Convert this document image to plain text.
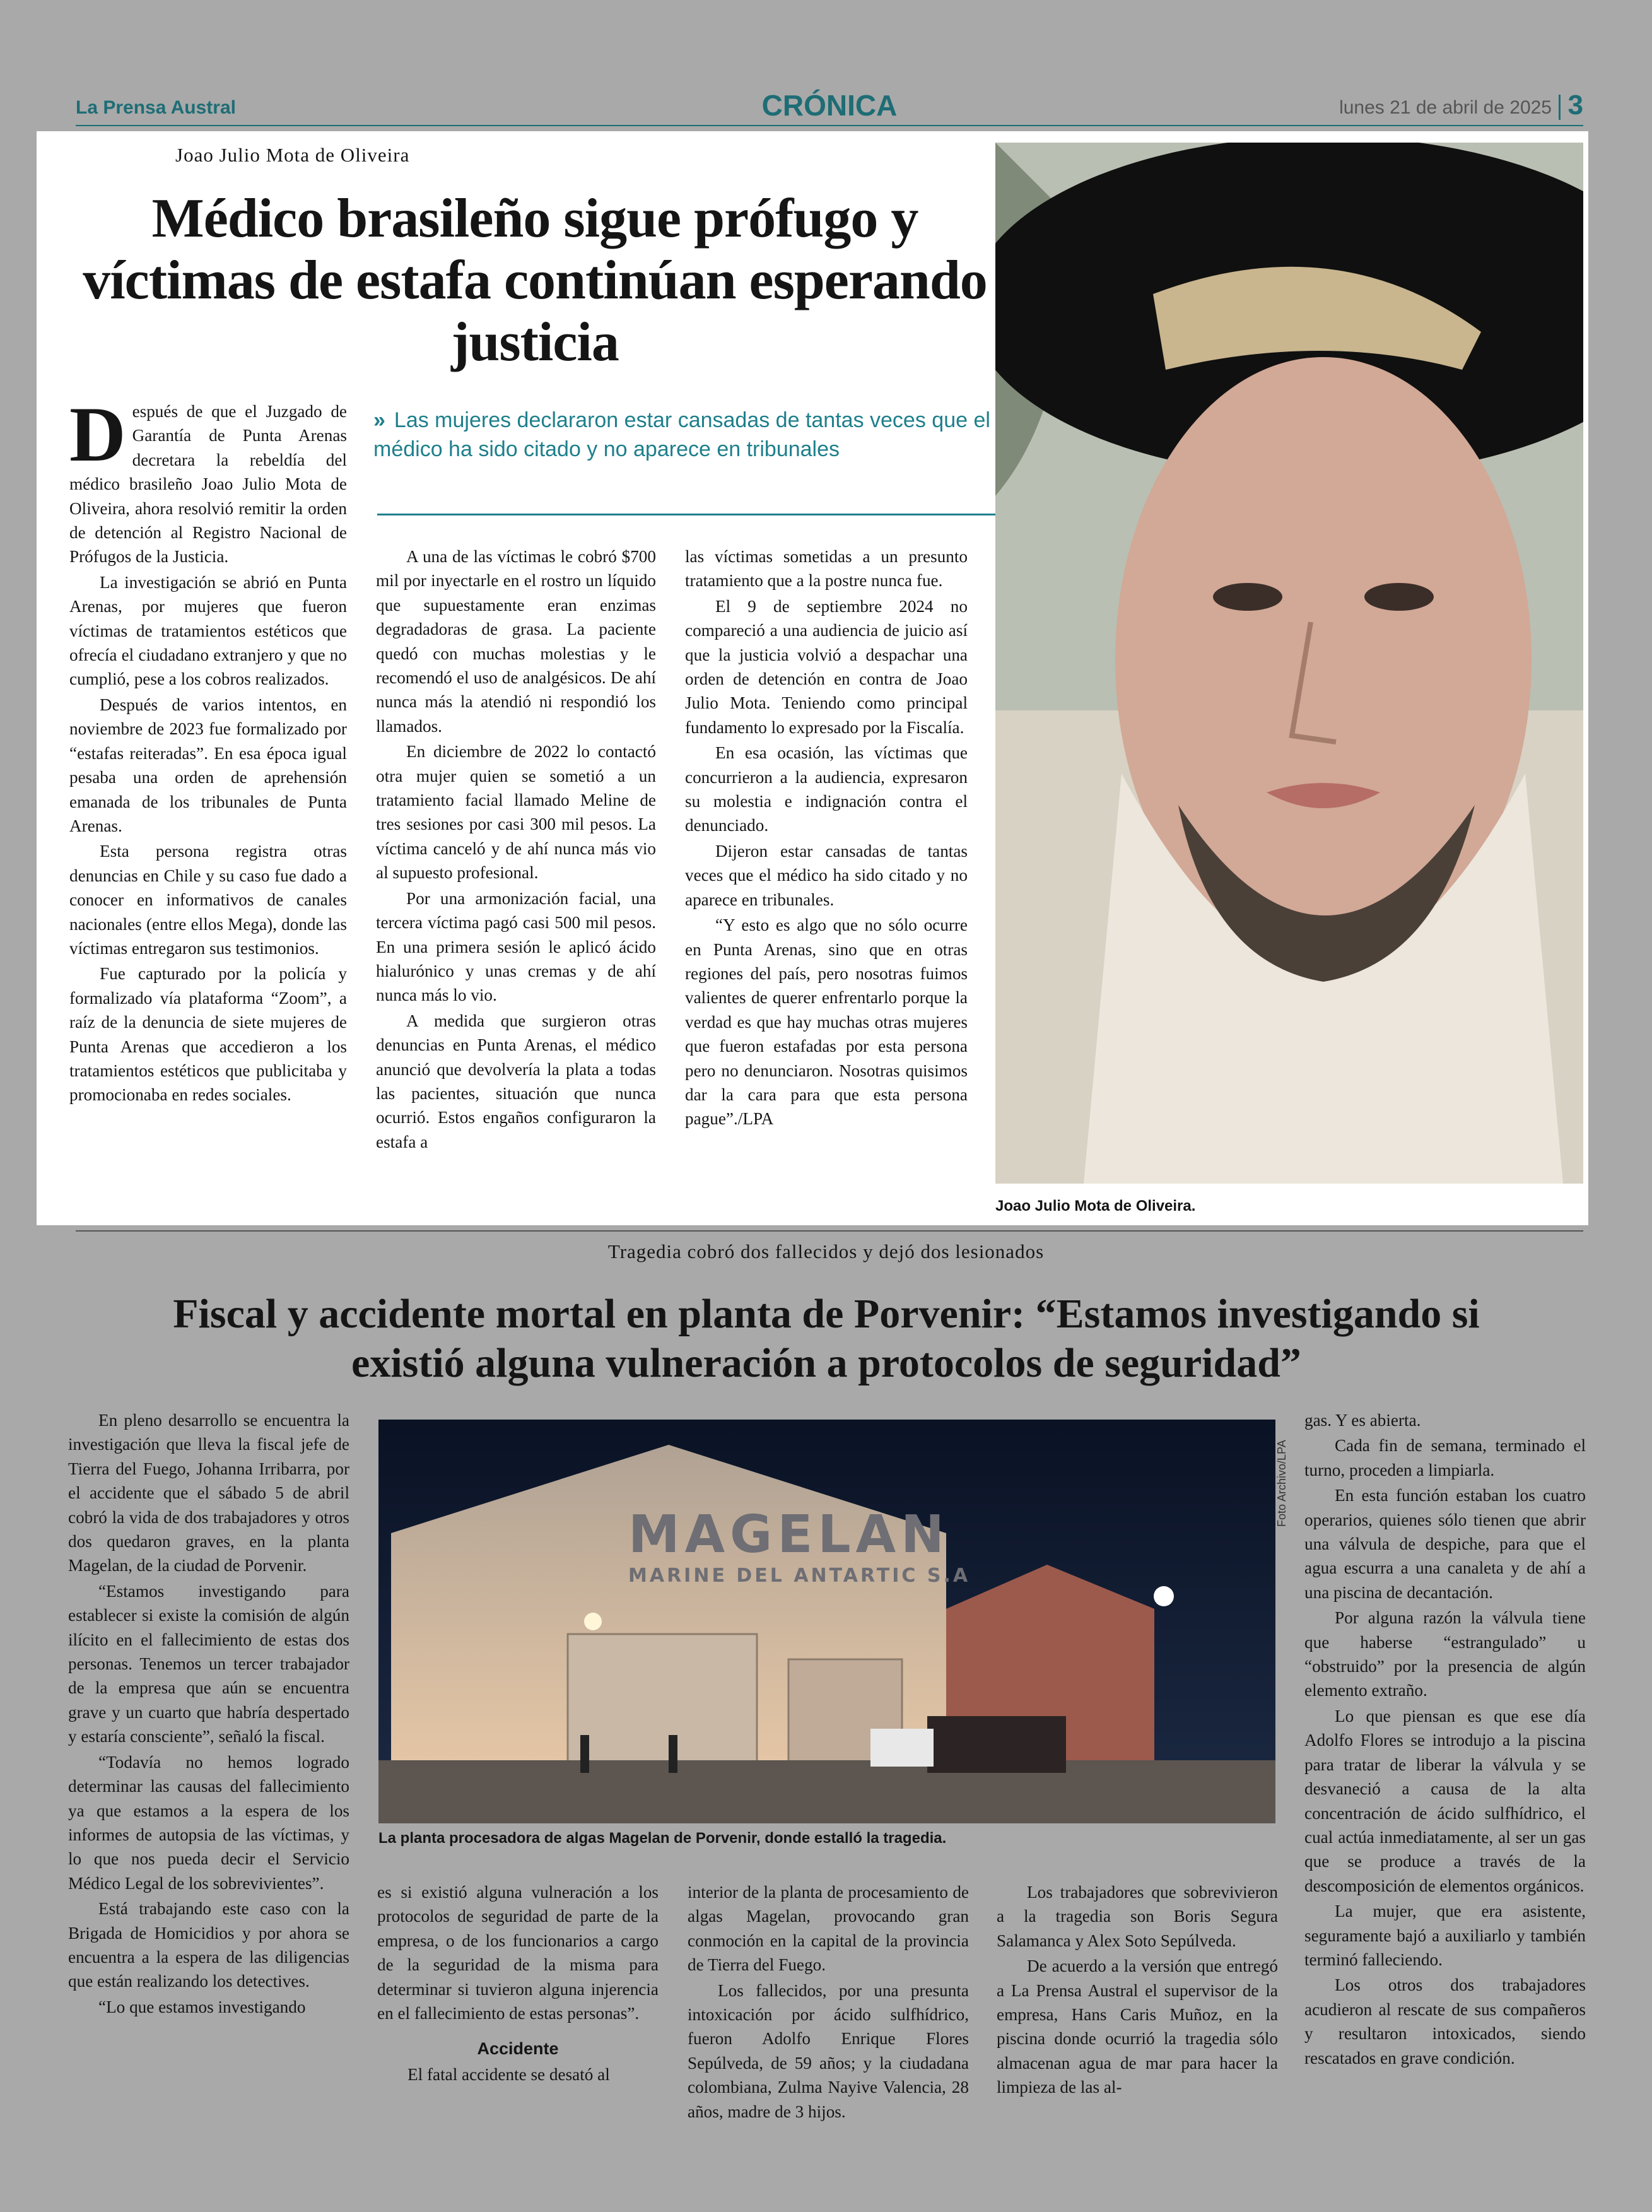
La Prensa Austral	CRÓNICA	lunes 21 de abril de 2025 3
Joao Julio Mota de Oliveira
Médico brasileño sigue prófugo y víctimas de estafa continúan esperando justicia
» Las mujeres declararon estar cansadas de tantas veces que el médico ha sido citado y no aparece en tribunales

Después de que el Juzgado de Garantía de Punta Arenas decretara la rebeldía del médico brasileño Joao Julio Mota de Oliveira, ahora resolvió remitir la orden de detención al Registro Nacional de Prófugos de la Justicia.

La investigación se abrió en Punta Arenas, por mujeres que fueron víctimas de tratamientos estéticos que ofrecía el ciudadano extranjero y que no cumplió, pese a los cobros realizados.

Después de varios intentos, en noviembre de 2023 fue formalizado por “estafas reiteradas”. En esa época igual pesaba una orden de aprehensión emanada de los tribunales de Punta Arenas.

Esta persona registra otras denuncias en Chile y su caso fue dado a conocer en informativos de canales nacionales (entre ellos Mega), donde las víctimas entregaron sus testimonios.

Fue capturado por la policía y formalizado vía plataforma “Zoom”, a raíz de la denuncia de siete mujeres de Punta Arenas que accedieron a los tratamientos estéticos que publicitaba y promocionaba en redes sociales.

A una de las víctimas le cobró $700 mil por inyectarle en el rostro un líquido que supuestamente eran enzimas degradadoras de grasa. La paciente quedó con muchas molestias y le recomendó el uso de analgésicos. De ahí nunca más la atendió ni respondió los llamados.

En diciembre de 2022 lo contactó otra mujer quien se sometió a un tratamiento facial llamado Meline de tres sesiones por casi 300 mil pesos. La víctima canceló y de ahí nunca más vio al supuesto profesional.

Por una armonización facial, una tercera víctima pagó casi 500 mil pesos. En una primera sesión le aplicó ácido hialurónico y unas cremas y de ahí nunca más lo vio.

A medida que surgieron otras denuncias en Punta Arenas, el médico anunció que devolvería la plata a todas las pacientes, situación que nunca ocurrió. Estos engaños configuraron la estafa a

las víctimas sometidas a un presunto tratamiento que a la postre nunca fue.

El 9 de septiembre 2024 no compareció a una audiencia de juicio así que la justicia volvió a despachar una orden de detención en contra de Joao Julio Mota. Teniendo como principal fundamento lo expresado por la Fiscalía.

En esa ocasión, las víctimas que concurrieron a la audiencia, expresaron su molestia e indignación contra el denunciado.

Dijeron estar cansadas de tantas veces que el médico ha sido citado y no aparece en tribunales.

“Y esto es algo que no sólo ocurre en Punta Arenas, sino que en otras regiones del país, pero nosotras fuimos valientes de querer enfrentarlo porque la verdad es que hay muchas otras mujeres que fueron estafadas por esta persona pero no denunciaron. Nosotras quisimos dar la cara para que esta persona pague”./LPA

Joao Julio Mota de Oliveira.
Tragedia cobró dos fallecidos y dejó dos lesionados
Fiscal y accidente mortal en planta de Porvenir: “Estamos investigando si existió alguna vulneración a protocolos de seguridad”

En pleno desarrollo se encuentra la investigación que lleva la fiscal jefe de Tierra del Fuego, Johanna Irribarra, por el accidente que el sábado 5 de abril cobró la vida de dos trabajadores y otros dos quedaron graves, en la planta Magelan, de la ciudad de Porvenir.

“Estamos investigando para establecer si existe la comisión de algún ilícito en el fallecimiento de estas dos personas. Tenemos un tercer trabajador de la empresa que aún se encuentra grave y un cuarto que habría despertado y estaría consciente”, señaló la fiscal.

“Todavía no hemos logrado determinar las causas del fallecimiento ya que estamos a la espera de los informes de autopsia de las víctimas, y lo que nos pueda decir el Servicio Médico Legal de los sobrevivientes”.

Está trabajando este caso con la Brigada de Homicidios y por ahora se encuentra a la espera de las diligencias que están realizando los detectives.

“Lo que estamos investigando

MAGELAN
MARINE DEL ANTARTIC S.A
Foto Archivo/LPA
La planta procesadora de algas Magelan de Porvenir, donde estalló la tragedia.

es si existió alguna vulneración a los protocolos de seguridad de parte de la empresa, o de los funcionarios a cargo de la seguridad de la misma para determinar si tuvieron alguna injerencia en el fallecimiento de estas personas”.

Accidente

El fatal accidente se desató al

interior de la planta de procesamiento de algas Magelan, provocando gran conmoción en la capital de la provincia de Tierra del Fuego.

Los fallecidos, por una presunta intoxicación por ácido sulfhídrico, fueron Adolfo Enrique Flores Sepúlveda, de 59 años; y la ciudadana colombiana, Zulma Nayive Valencia, 28 años, madre de 3 hijos.

Los trabajadores que sobrevivieron a la tragedia son Boris Segura Salamanca y Alex Soto Sepúlveda.

De acuerdo a la versión que entregó a La Prensa Austral el supervisor de la empresa, Hans Caris Muñoz, en la piscina donde ocurrió la tragedia sólo almacenan agua de mar para hacer la limpieza de las al-

gas. Y es abierta.

Cada fin de semana, terminado el turno, proceden a limpiarla.

En esta función estaban los cuatro operarios, quienes sólo tienen que abrir una válvula de despiche, para que el agua escurra a una canaleta y de ahí a una piscina de decantación.

Por alguna razón la válvula tiene que haberse “estrangulado” u “obstruido” por la presencia de algún elemento extraño.

Lo que piensan es que ese día Adolfo Flores se introdujo a la piscina para tratar de liberar la válvula y se desvaneció a causa de la alta concentración de ácido sulfhídrico, el cual actúa inmediatamente, al ser un gas que se produce a través de la descomposición de elementos orgánicos.

La mujer, que era asistente, seguramente bajó a auxiliarlo y también terminó falleciendo.

Los otros dos trabajadores acudieron al rescate de sus compañeros y resultaron intoxicados, siendo rescatados en grave condición.
